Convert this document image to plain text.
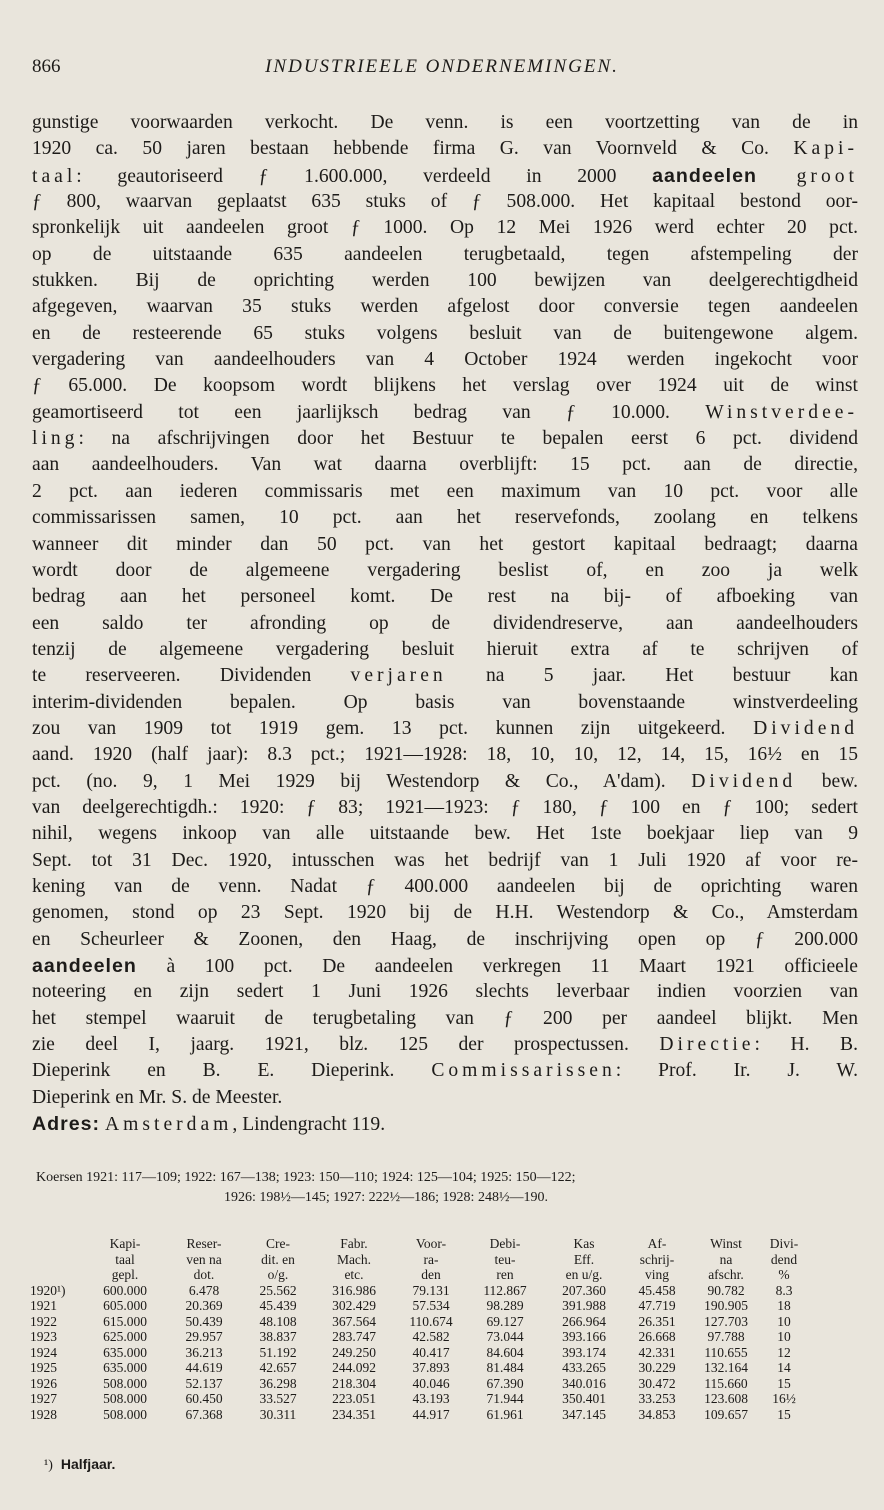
866	INDUSTRIEELE ONDERNEMINGEN.
gunstige voorwaarden verkocht. De venn. is een voortzetting van de in
1920 ca. 50 jaren bestaan hebbende firma G. van Voornveld & Co. Kapi-
taal: geautoriseerd ƒ 1.600.000, verdeeld in 2000 aandeelen groot
ƒ 800, waarvan geplaatst 635 stuks of ƒ 508.000. Het kapitaal bestond oor-
spronkelijk uit aandeelen groot ƒ 1000. Op 12 Mei 1926 werd echter 20 pct.
op de uitstaande 635 aandeelen terugbetaald, tegen afstempeling der
stukken. Bij de oprichting werden 100 bewijzen van deelgerechtigdheid
afgegeven, waarvan 35 stuks werden afgelost door conversie tegen aandeelen
en de resteerende 65 stuks volgens besluit van de buitengewone algem.
vergadering van aandeelhouders van 4 October 1924 werden ingekocht voor
ƒ 65.000. De koopsom wordt blijkens het verslag over 1924 uit de winst
geamortiseerd tot een jaarlijksch bedrag van ƒ 10.000. Winstverdee-
ling: na afschrijvingen door het Bestuur te bepalen eerst 6 pct. dividend
aan aandeelhouders. Van wat daarna overblijft: 15 pct. aan de directie,
2 pct. aan iederen commissaris met een maximum van 10 pct. voor alle
commissarissen samen, 10 pct. aan het reservefonds, zoolang en telkens
wanneer dit minder dan 50 pct. van het gestort kapitaal bedraagt; daarna
wordt door de algemeene vergadering beslist of, en zoo ja welk
bedrag aan het personeel komt. De rest na bij- of afboeking van
een saldo ter afronding op de dividendreserve, aan aandeelhouders
tenzij de algemeene vergadering besluit hieruit extra af te schrijven of
te reserveeren. Dividenden verjaren na 5 jaar. Het bestuur kan
interim-dividenden bepalen. Op basis van bovenstaande winstverdeeling
zou van 1909 tot 1919 gem. 13 pct. kunnen zijn uitgekeerd. Dividend
aand. 1920 (half jaar): 8.3 pct.; 1921—1928: 18, 10, 10, 12, 14, 15, 16½ en 15
pct. (no. 9, 1 Mei 1929 bij Westendorp & Co., A'dam). Dividend bew.
van deelgerechtigdh.: 1920: ƒ 83; 1921—1923: ƒ 180, ƒ 100 en ƒ 100; sedert
nihil, wegens inkoop van alle uitstaande bew. Het 1ste boekjaar liep van 9
Sept. tot 31 Dec. 1920, intusschen was het bedrijf van 1 Juli 1920 af voor re-
kening van de venn. Nadat ƒ 400.000 aandeelen bij de oprichting waren
genomen, stond op 23 Sept. 1920 bij de H.H. Westendorp & Co., Amsterdam
en Scheurleer & Zoonen, den Haag, de inschrijving open op ƒ 200.000
aandeelen à 100 pct. De aandeelen verkregen 11 Maart 1921 officieele
noteering en zijn sedert 1 Juni 1926 slechts leverbaar indien voorzien van
het stempel waaruit de terugbetaling van ƒ 200 per aandeel blijkt. Men
zie deel I, jaarg. 1921, blz. 125 der prospectussen. Directie: H. B.
Dieperink en B. E. Dieperink. Commissarissen: Prof. Ir. J. W.
Dieperink en Mr. S. de Meester.
Adres: Amsterdam, Lindengracht 119.
Koersen 1921: 117—109; 1922: 167—138; 1923: 150—110; 1924: 125—104; 1925: 150—122;
1926: 198½—145; 1927: 222½—186; 1928: 248½—190.
	Kapi-	Reser-	Cre-	Fabr.	Voor-	Debi-	Kas	Af-	Winst	Divi-
	taal	ven na	dit. en	Mach.	ra-	teu-	Eff.	schrij-	na	dend
	gepl.	dot.	o/g.	etc.	den	ren	en u/g.	ving	afschr.	%
1920¹)	600.000	6.478	25.562	316.986	79.131	112.867	207.360	45.458	90.782	8.3
1921	605.000	20.369	45.439	302.429	57.534	98.289	391.988	47.719	190.905	18
1922	615.000	50.439	48.108	367.564	110.674	69.127	266.964	26.351	127.703	10
1923	625.000	29.957	38.837	283.747	42.582	73.044	393.166	26.668	97.788	10
1924	635.000	36.213	51.192	249.250	40.417	84.604	393.174	42.331	110.655	12
1925	635.000	44.619	42.657	244.092	37.893	81.484	433.265	30.229	132.164	14
1926	508.000	52.137	36.298	218.304	40.046	67.390	340.016	30.472	115.660	15
1927	508.000	60.450	33.527	223.051	43.193	71.944	350.401	33.253	123.608	16½
1928	508.000	67.368	30.311	234.351	44.917	61.961	347.145	34.853	109.657	15
¹) Halfjaar.
